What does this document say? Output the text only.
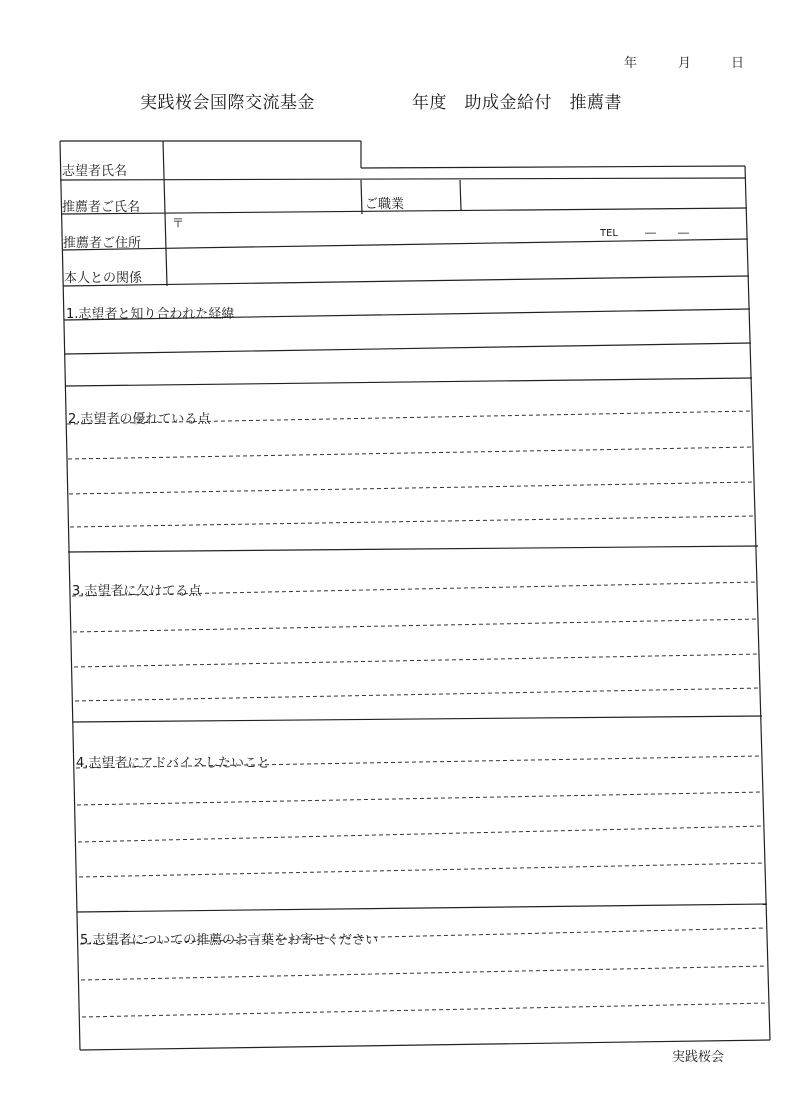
年	月	日
実践桜会国際交流基金	年度　助成金給付　推薦書
志望者氏名
推薦者ご氏名	ご職業
推薦者ご住所
〒
TEL ―　　―
本人との関係
1.志望者と知り合われた経緯
2.志望者の優れている点
3.志望者に欠けてる点
4.志望者にアドバイスしたいこと
5.志望者についての推薦のお言葉をお寄せください
実践桜会
